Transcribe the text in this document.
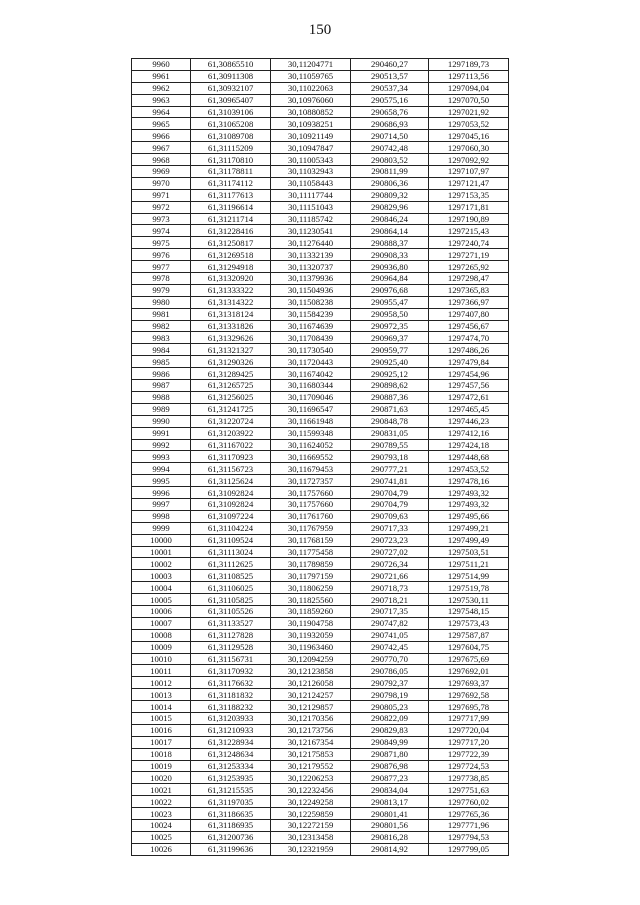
150
9960	61,30865510	30,11204771	290460,27	1297189,73
9961	61,30911308	30,11059765	290513,57	1297113,56
9962	61,30932107	30,11022063	290537,34	1297094,04
9963	61,30965407	30,10976060	290575,16	1297070,50
9964	61,31039106	30,10880852	290658,76	1297021,92
9965	61,31065208	30,10938251	290686,93	1297053,52
9966	61,31089708	30,10921149	290714,50	1297045,16
9967	61,31115209	30,10947847	290742,48	1297060,30
9968	61,31170810	30,11005343	290803,52	1297092,92
9969	61,31178811	30,11032943	290811,99	1297107,97
9970	61,31174112	30,11058443	290806,36	1297121,47
9971	61,31177613	30,11117744	290809,32	1297153,35
9972	61,31196614	30,11151043	290829,96	1297171,81
9973	61,31211714	30,11185742	290846,24	1297190,89
9974	61,31228416	30,11230541	290864,14	1297215,43
9975	61,31250817	30,11276440	290888,37	1297240,74
9976	61,31269518	30,11332139	290908,33	1297271,19
9977	61,31294918	30,11320737	290936,80	1297265,92
9978	61,31320920	30,11379936	290964,84	1297298,47
9979	61,31333322	30,11504936	290976,68	1297365,83
9980	61,31314322	30,11508238	290955,47	1297366,97
9981	61,31318124	30,11584239	290958,50	1297407,80
9982	61,31331826	30,11674639	290972,35	1297456,67
9983	61,31329626	30,11708439	290969,37	1297474,70
9984	61,31321327	30,11730540	290959,77	1297486,26
9985	61,31290326	30,11720443	290925,40	1297479,84
9986	61,31289425	30,11674042	290925,12	1297454,96
9987	61,31265725	30,11680344	290898,62	1297457,56
9988	61,31256025	30,11709046	290887,36	1297472,61
9989	61,31241725	30,11696547	290871,63	1297465,45
9990	61,31220724	30,11661948	290848,78	1297446,23
9991	61,31203922	30,11599348	290831,05	1297412,16
9992	61,31167022	30,11624052	290789,55	1297424,18
9993	61,31170923	30,11669552	290793,18	1297448,68
9994	61,31156723	30,11679453	290777,21	1297453,52
9995	61,31125624	30,11727357	290741,81	1297478,16
9996	61,31092824	30,11757660	290704,79	1297493,32
9997	61,31092824	30,11757660	290704,79	1297493,32
9998	61,31097224	30,11761760	290709,63	1297495,66
9999	61,31104224	30,11767959	290717,33	1297499,21
10000	61,31109524	30,11768159	290723,23	1297499,49
10001	61,31113024	30,11775458	290727,02	1297503,51
10002	61,31112625	30,11789859	290726,34	1297511,21
10003	61,31108525	30,11797159	290721,66	1297514,99
10004	61,31106025	30,11806259	290718,73	1297519,78
10005	61,31105825	30,11825560	290718,21	1297530,11
10006	61,31105526	30,11859260	290717,35	1297548,15
10007	61,31133527	30,11904758	290747,82	1297573,43
10008	61,31127828	30,11932059	290741,05	1297587,87
10009	61,31129528	30,11963460	290742,45	1297604,75
10010	61,31156731	30,12094259	290770,70	1297675,69
10011	61,31170932	30,12123858	290786,05	1297692,01
10012	61,31176632	30,12126058	290792,37	1297693,37
10013	61,31181832	30,12124257	290798,19	1297692,58
10014	61,31188232	30,12129857	290805,23	1297695,78
10015	61,31203933	30,12170356	290822,09	1297717,99
10016	61,31210933	30,12173756	290829,83	1297720,04
10017	61,31228934	30,12167354	290849,99	1297717,20
10018	61,31248634	30,12175853	290871,80	1297722,39
10019	61,31253334	30,12179552	290876,98	1297724,53
10020	61,31253935	30,12206253	290877,23	1297738,85
10021	61,31215535	30,12232456	290834,04	1297751,63
10022	61,31197035	30,12249258	290813,17	1297760,02
10023	61,31186635	30,12259859	290801,41	1297765,36
10024	61,31186935	30,12272159	290801,56	1297771,96
10025	61,31200736	30,12313458	290816,28	1297794,53
10026	61,31199636	30,12321959	290814,92	1297799,05
